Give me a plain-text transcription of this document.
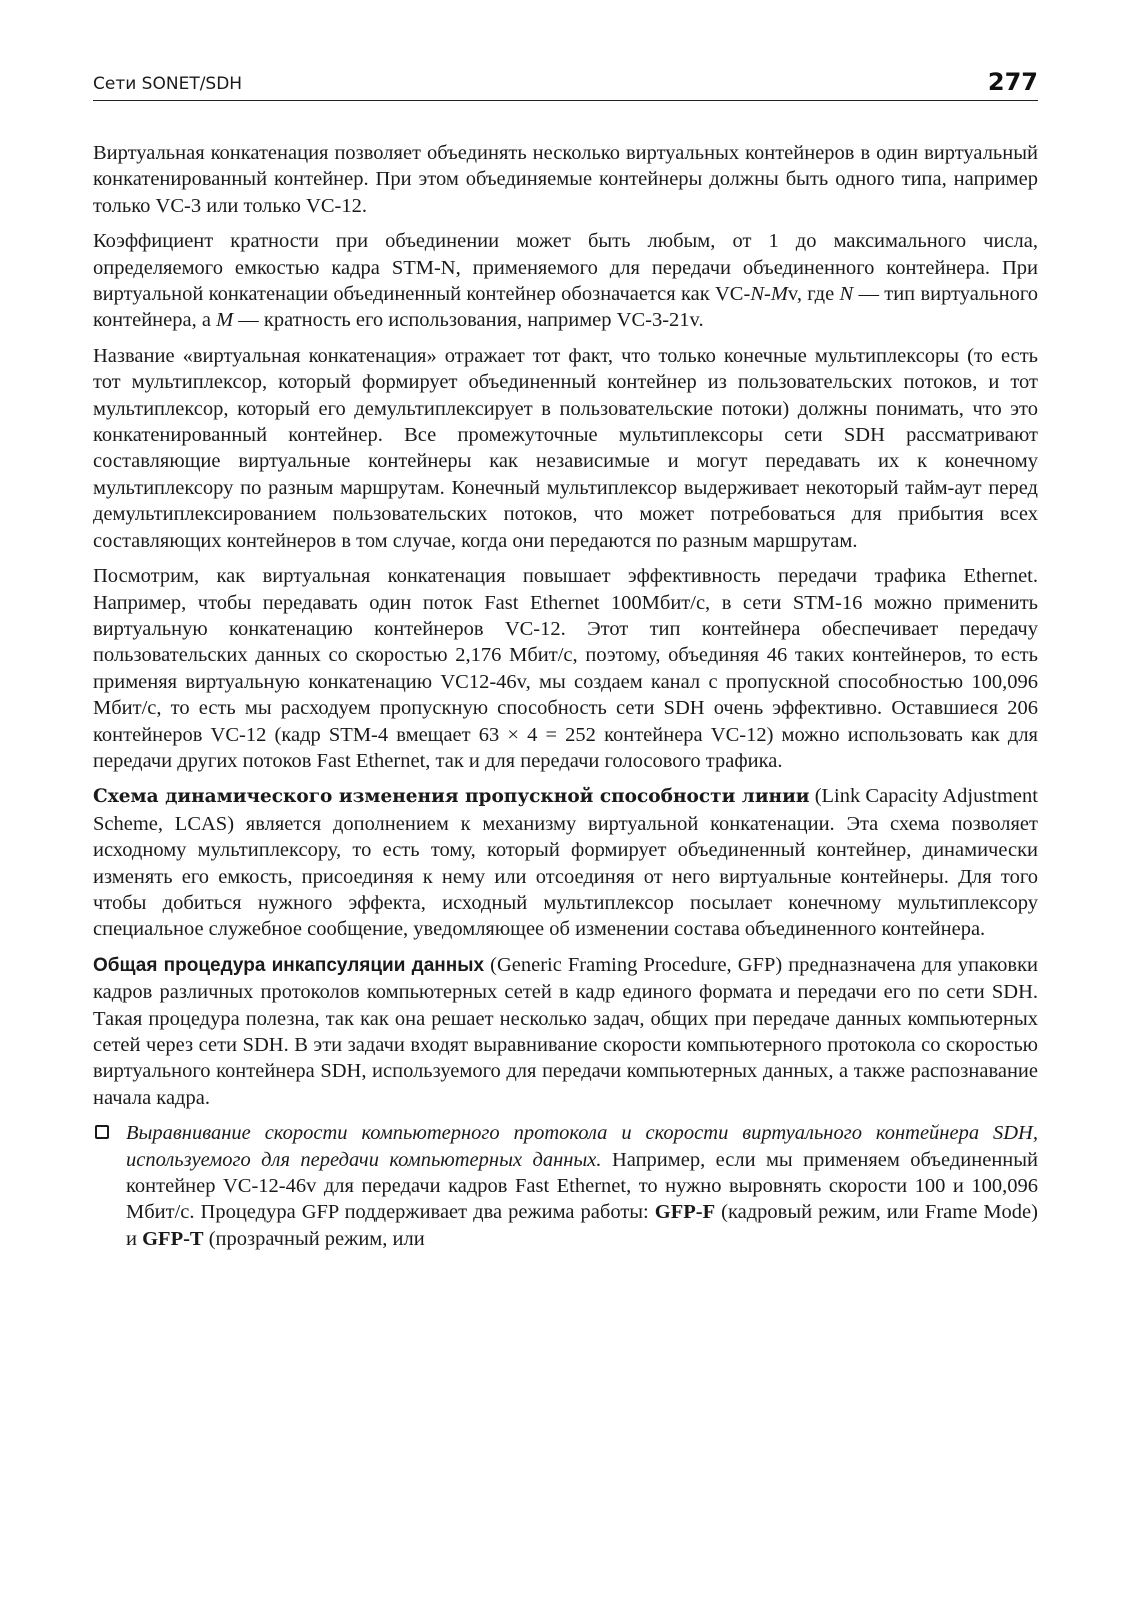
Сети SONET/SDH	277

Виртуальная конкатенация позволяет объединять несколько виртуальных контейнеров в один виртуальный конкатенированный контейнер. При этом объединяемые контейнеры должны быть одного типа, например только VC-3 или только VC-12.

Коэффициент кратности при объединении может быть любым, от 1 до максимального числа, определяемого емкостью кадра STM-N, применяемого для передачи объединенного контейнера. При виртуальной конкатенации объединенный контейнер обозначается как VC-N-Mv, где N — тип виртуального контейнера, а M — кратность его использования, например VC-3-21v.

Название «виртуальная конкатенация» отражает тот факт, что только конечные мультиплексоры (то есть тот мультиплексор, который формирует объединенный контейнер из пользовательских потоков, и тот мультиплексор, который его демультиплексирует в пользовательские потоки) должны понимать, что это конкатенированный контейнер. Все промежуточные мультиплексоры сети SDH рассматривают составляющие виртуальные контейнеры как независимые и могут передавать их к конечному мультиплексору по разным маршрутам. Конечный мультиплексор выдерживает некоторый тайм-аут перед демультиплексированием пользовательских потоков, что может потребоваться для прибытия всех составляющих контейнеров в том случае, когда они передаются по разным маршрутам.

Посмотрим, как виртуальная конкатенация повышает эффективность передачи трафика Ethernet. Например, чтобы передавать один поток Fast Ethernet 100Мбит/с, в сети STM-16 можно применить виртуальную конкатенацию контейнеров VC-12. Этот тип контейнера обеспечивает передачу пользовательских данных со скоростью 2,176 Мбит/с, поэтому, объединяя 46 таких контейнеров, то есть применяя виртуальную конкатенацию VC12-46v, мы создаем канал с пропускной способностью 100,096 Мбит/с, то есть мы расходуем пропускную способность сети SDH очень эффективно. Оставшиеся 206 контейнеров VC-12 (кадр STM-4 вмещает 63 × 4 = 252 контейнера VC-12) можно использовать как для передачи других потоков Fast Ethernet, так и для передачи голосового трафика.

Схема динамического изменения пропускной способности линии (Link Capacity Adjustment Scheme, LCAS) является дополнением к механизму виртуальной конкатенации. Эта схема позволяет исходному мультиплексору, то есть тому, который формирует объединенный контейнер, динамически изменять его емкость, присоединяя к нему или отсоединяя от него виртуальные контейнеры. Для того чтобы добиться нужного эффекта, исходный мультиплексор посылает конечному мультиплексору специальное служебное сообщение, уведомляющее об изменении состава объединенного контейнера.

Общая процедура инкапсуляции данных (Generic Framing Procedure, GFP) предназначена для упаковки кадров различных протоколов компьютерных сетей в кадр единого формата и передачи его по сети SDH. Такая процедура полезна, так как она решает несколько задач, общих при передаче данных компьютерных сетей через сети SDH. В эти задачи входят выравнивание скорости компьютерного протокола со скоростью виртуального контейнера SDH, используемого для передачи компьютерных данных, а также распознавание начала кадра.

Выравнивание скорости компьютерного протокола и скорости виртуального контейнера SDH, используемого для передачи компьютерных данных. Например, если мы применяем объединенный контейнер VC-12-46v для передачи кадров Fast Ethernet, то нужно выровнять скорости 100 и 100,096 Мбит/с. Процедура GFP поддерживает два режима работы: GFP-F (кадровый режим, или Frame Mode) и GFP-T (прозрачный режим, или
